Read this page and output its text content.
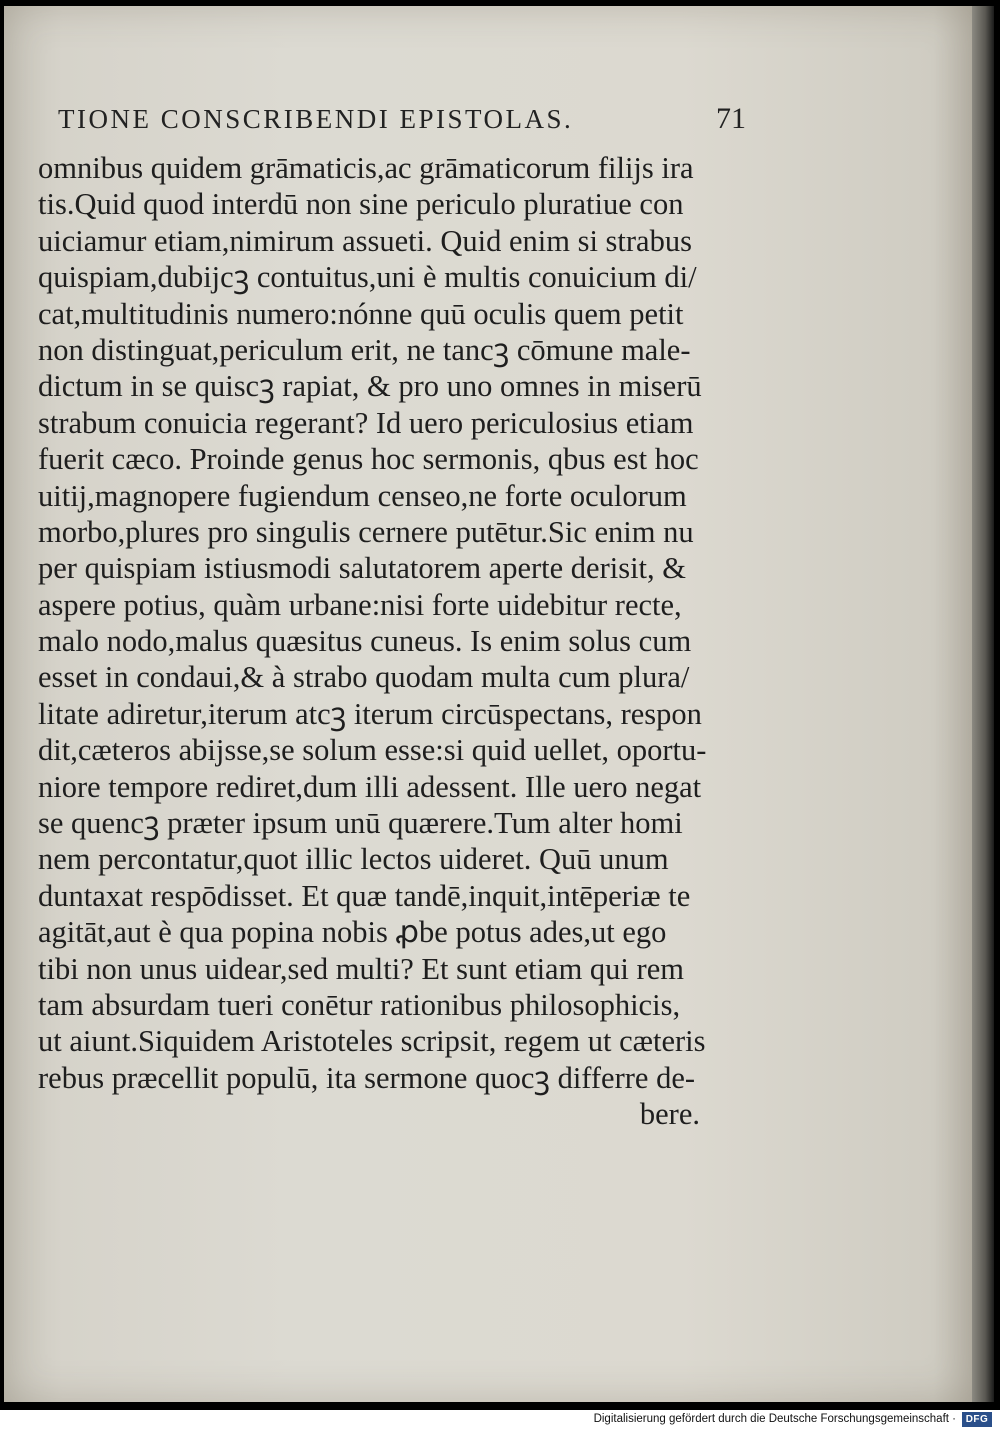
TIONE CONSCRIBENDI EPISTOLAS.	71
omnibus quidem grāmaticis,ac grāmaticorum filijs ira
tis.Quid quod interdū non sine periculo pluratiue con
uiciamur etiam,nimirum assueti. Quid enim si strabus
quispiam,dubijcꝫ contuitus,uni è multis conuicium di/
cat,multitudinis numero:nónne quū oculis quem petit
non distinguat,periculum erit, ne tancꝫ cōmune male-
dictum in se quiscꝫ rapiat, & pro uno omnes in miserū
strabum conuicia regerant? Id uero periculosius etiam
fuerit cæco. Proinde genus hoc sermonis, qbus est hoc
uitij,magnopere fugiendum censeo,ne forte oculorum
morbo,plures pro singulis cernere putētur.Sic enim nu
per quispiam istiusmodi salutatorem aperte derisit, &
aspere potius, quàm urbane:nisi forte uidebitur recte,
malo nodo,malus quæsitus cuneus. Is enim solus cum
esset in condaui,& à strabo quodam multa cum plura/
litate adiretur,iterum atcꝫ iterum circūspectans, respon
dit,cæteros abijsse,se solum esse:si quid uellet, oportu-
niore tempore rediret,dum illi adessent. Ille uero negat
se quencꝫ præter ipsum unū quærere.Tum alter homi
nem percontatur,quot illic lectos uideret. Quū unum
duntaxat respōdisset. Et quæ tandē,inquit,intēperiæ te
agitāt,aut è qua popina nobis ꝓbe potus ades,ut ego
tibi non unus uidear,sed multi? Et sunt etiam qui rem
tam absurdam tueri conētur rationibus philosophicis,
ut aiunt.Siquidem Aristoteles scripsit, regem ut cæteris
rebus præcellit populū, ita sermone quocꝫ differre de-
bere.
Digitalisierung gefördert durch die Deutsche Forschungsgemeinschaft · DFG
